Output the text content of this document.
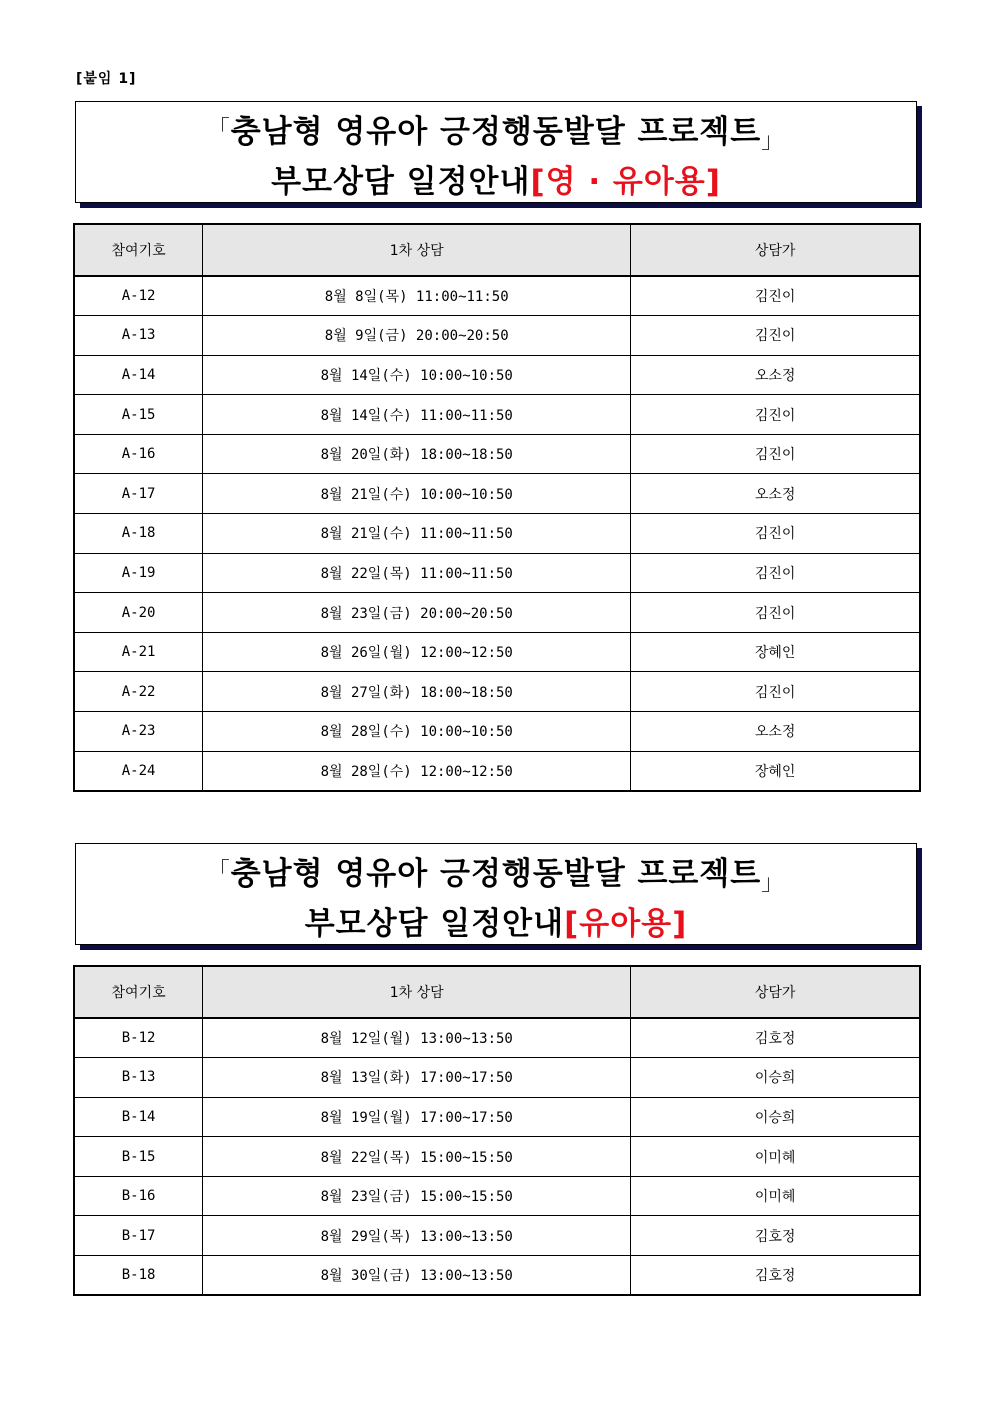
[붙임 1]
「충남형 영유아 긍정행동발달 프로젝트」
부모상담 일정안내[영 · 유아용]
참여기호	1차 상담	상담가
A-12	8월 8일(목) 11:00~11:50	김진이
A-13	8월 9일(금) 20:00~20:50	김진이
A-14	8월 14일(수) 10:00~10:50	오소정
A-15	8월 14일(수) 11:00~11:50	김진이
A-16	8월 20일(화) 18:00~18:50	김진이
A-17	8월 21일(수) 10:00~10:50	오소정
A-18	8월 21일(수) 11:00~11:50	김진이
A-19	8월 22일(목) 11:00~11:50	김진이
A-20	8월 23일(금) 20:00~20:50	김진이
A-21	8월 26일(월) 12:00~12:50	장혜인
A-22	8월 27일(화) 18:00~18:50	김진이
A-23	8월 28일(수) 10:00~10:50	오소정
A-24	8월 28일(수) 12:00~12:50	장혜인
「충남형 영유아 긍정행동발달 프로젝트」
부모상담 일정안내[유아용]
참여기호	1차 상담	상담가
B-12	8월 12일(월) 13:00~13:50	김호정
B-13	8월 13일(화) 17:00~17:50	이승희
B-14	8월 19일(월) 17:00~17:50	이승희
B-15	8월 22일(목) 15:00~15:50	이미혜
B-16	8월 23일(금) 15:00~15:50	이미혜
B-17	8월 29일(목) 13:00~13:50	김호정
B-18	8월 30일(금) 13:00~13:50	김호정
